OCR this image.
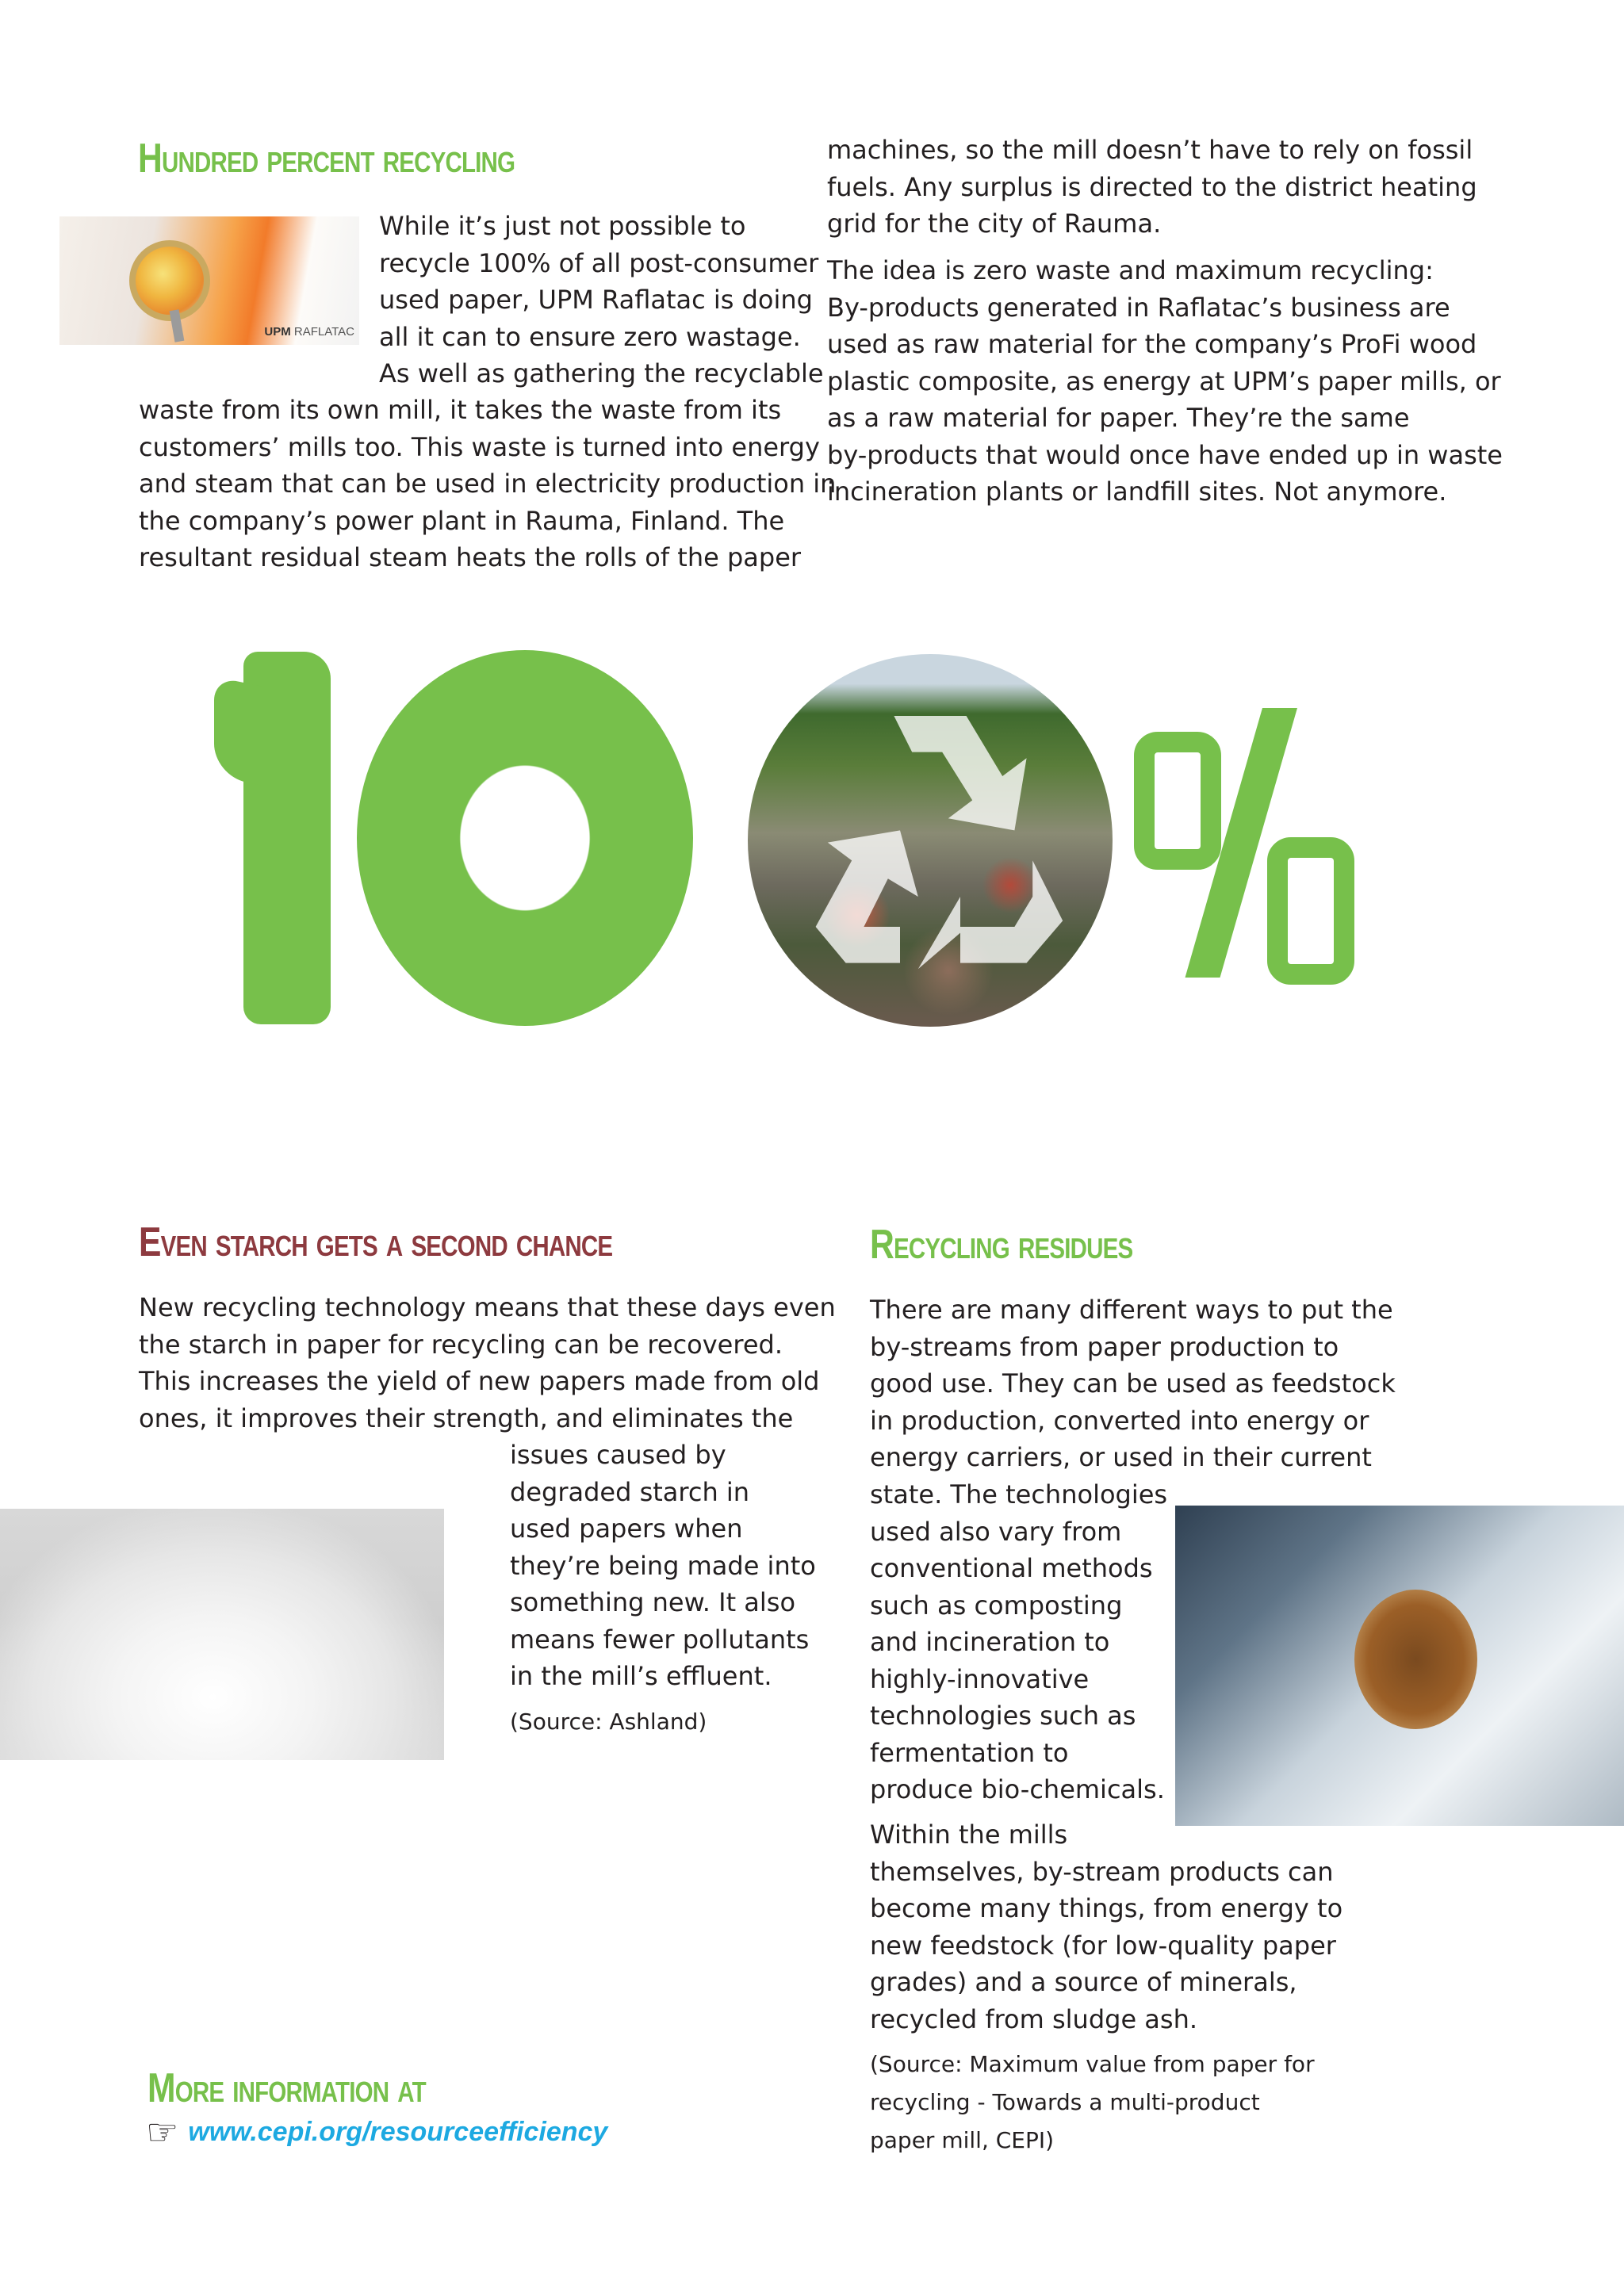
Hundred percent recycling
UPM RAFLATAC
While it’s just not possible to
recycle 100% of all post-consumer
used paper, UPM Raflatac is doing
all it can to ensure zero wastage.
As well as gathering the recyclable
waste from its own mill, it takes the waste from its
customers’ mills too. This waste is turned into energy
and steam that can be used in electricity production in
the company’s power plant in Rauma, Finland. The
resultant residual steam heats the rolls of the paper
machines, so the mill doesn’t have to rely on fossil
fuels. Any surplus is directed to the district heating
grid for the city of Rauma.
The idea is zero waste and maximum recycling:
By-products generated in Raflatac’s business are
used as raw material for the company’s ProFi wood
plastic composite, as energy at UPM’s paper mills, or
as a raw material for paper. They’re the same
by-products that would once have ended up in waste
incineration plants or landfill sites. Not anymore.
Even starch gets a second chance
New recycling technology means that these days even
the starch in paper for recycling can be recovered.
This increases the yield of new papers made from old
ones, it improves their strength, and eliminates the
issues caused by
degraded starch in
used papers when
they’re being made into
something new. It also
means fewer pollutants
in the mill’s effluent.
(Source: Ashland)
Recycling residues
There are many different ways to put the
by-streams from paper production to
good use. They can be used as feedstock
in production, converted into energy or
energy carriers, or used in their current
state. The technologies
used also vary from
conventional methods
such as composting
and incineration to
highly-innovative
technologies such as
fermentation to
produce bio-chemicals.
Within the mills
themselves, by-stream products can
become many things, from energy to
new feedstock (for low-quality paper
grades) and a source of minerals,
recycled from sludge ash.
(Source: Maximum value from paper for
recycling - Towards a multi-product
paper mill, CEPI)
More information at
☞ www.cepi.org/resourceefficiency
